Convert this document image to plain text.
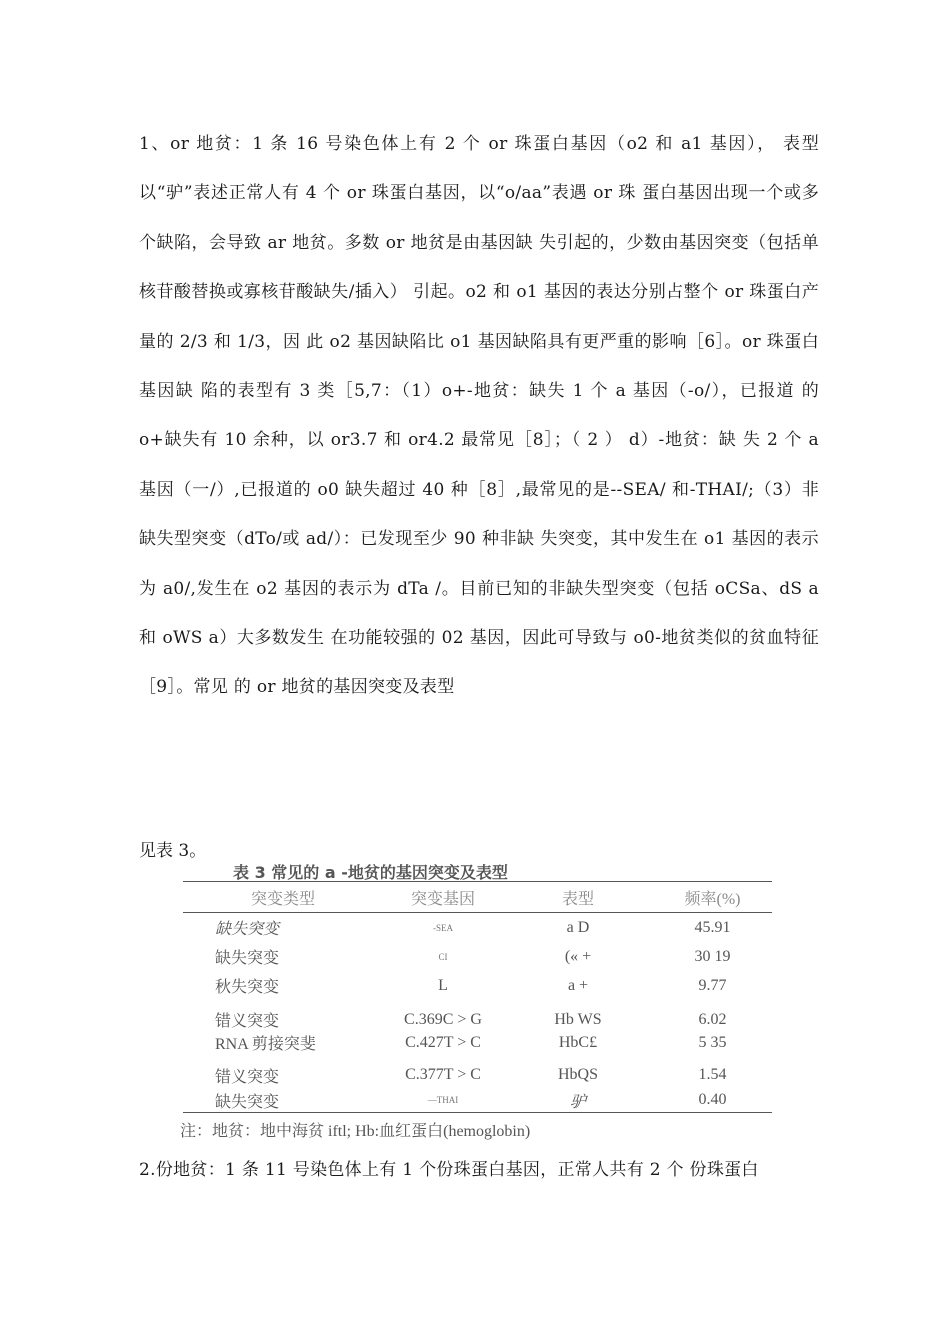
1、or 地贫：1 条 16 号染色体上有 2 个 or 珠蛋白基因（o2 和 a1 基因）， 表型以“驴”表述正常人有 4 个 or 珠蛋白基因，以“o/aa”表遇 or 珠 蛋白基因出现一个或多个缺陷，会导致 ar 地贫。多数 or 地贫是由基因缺 失引起的，少数由基因突变（包括单核苷酸替换或寡核苷酸缺失/插入） 引起。o2 和 o1 基因的表达分别占整个 or 珠蛋白产量的 2/3 和 1/3，因 此 o2 基因缺陷比 o1 基因缺陷具有更严重的影响［6］。or 珠蛋白基因缺 陷的表型有 3 类［5,7：（1）o+-地贫：缺失 1 个 a 基因（-o/），已报道 的 o+缺失有 10 余种，以 or3.7 和 or4.2 最常见［8］；（ 2 ） d）-地贫：缺 失 2 个 a 基因（一/）,已报道的 o0 缺失超过 40 种［8］,最常见的是--SEA/ 和-THAI/;（3）非缺失型突变（dTo/或 ad/）：已发现至少 90 种非缺 失突变，其中发生在 o1 基因的表示为 a0/,发生在 o2 基因的表示为 dTa /。目前已知的非缺失型突变（包括 oCSa、dS a 和 oWS a）大多数发生 在功能较强的 02 基因，因此可导致与 o0-地贫类似的贫血特征［9］。常见 的 or 地贫的基因突变及表型

见表 3。

表 3 常见的 a -地贫的基因突变及表型

突变类型	突变基因	表型	频率(%)
缺失突变	-SEA	a D	45.91
缺失突变	CI	(« +	30 19
秋失突变	L	a +	9.77

错义突变	C.369C > G	Hb WS	6.02
RNA 剪接突斐	C.427T > C	HbC£	5 35

错义突变	C.377T > C	HbQS	1.54
缺失突变	—THAI	驴	0.40

注：地贫：地中海贫 iftl; Hb:血红蛋白(hemoglobin)

2.份地贫：1 条 11 号染色体上有 1 个份珠蛋白基因，正常人共有 2 个 份珠蛋白
